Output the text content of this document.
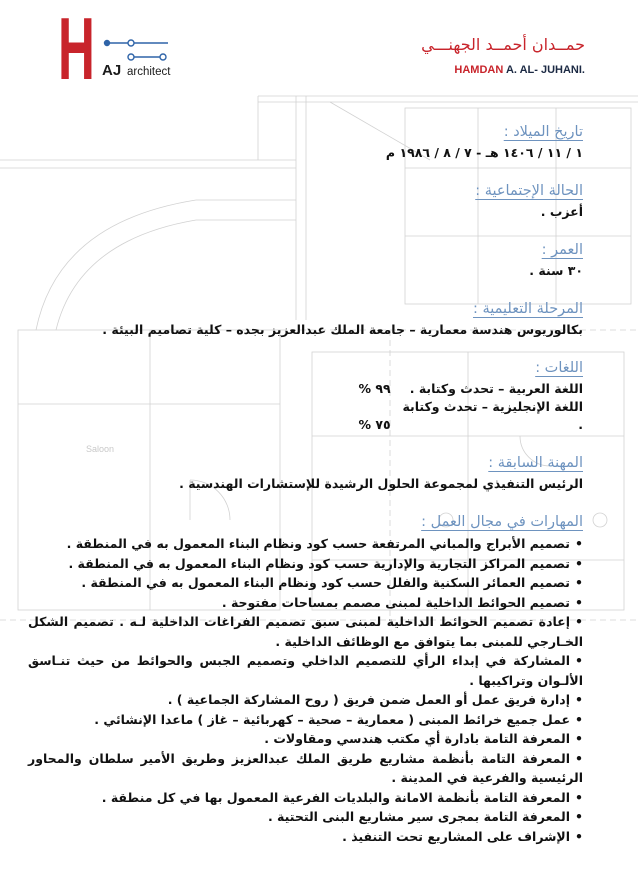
Saloon
H AJ architect
حمــدان أحمــد الجهنـــي
HAMDAN A. AL- JUHANI.
تاريخ الميلاد :

١ / ١١ / ١٤٠٦ هـ - ٧ / ٨ / ١٩٨٦ م

الحالة الإجتماعية :

أعزب .

العمر :

٣٠ سنة .

المرحلة التعليمية :

بكالوريوس هندسة معمارية – جامعة الملك عبدالعزيز بجده – كلية تصاميم البيئة .

اللغات :
اللغة العربية – تحدث وكتابة . ٩٩ %
اللغة الإنجليزية – تحدث وكتابة . ٧٥ %
المهنة السابقة :

الرئيس التنفيذي لمجموعة الحلول الرشيدة للإستشارات الهندسية .

المهارات في مجال العمل :

•تصميم الأبراج والمباني المرتفعة حسب كود ونظام البناء المعمول به في المنطقة .

•تصميم المراكز التجارية والإدارية حسب كود ونظام البناء المعمول به في المنطقة .

•تصميم العمائر السكنية والفلل حسب كود ونظام البناء المعمول به في المنطقة .

•تصميم الحوائط الداخلية لمبنى مصمم بمساحات مفتوحة .

•إعادة تصميم الحوائط الداخلية لمبنى سبق تصميم الفراغات الداخلية لـه . تصميم الشكل الخـارجي للمبنى بما يتوافق مع الوظائف الداخلية .

•المشاركة في إبداء الرأي للتصميم الداخلي وتصميم الجبس والحوائط من حيث تنـاسق الألـوان وتراكيبها .

•إدارة فريق عمل أو العمل ضمن فريق ( روح المشاركة الجماعية ) .

•عمل جميع خرائط المبنى ( معمارية – صحية – كهربائية – غاز ) ماعدا الإنشائي .

•المعرفة التامة بادارة أي مكتب هندسي ومقاولات .

•المعرفة التامة بأنظمة مشاريع طريق الملك عبدالعزيز وطريق الأمير سلطان والمحاور الرئيسية والفرعية في المدينة .

•المعرفة التامة بأنظمة الامانة والبلديات الفرعية المعمول بها في كل منطقة .

•المعرفة التامة بمجرى سير مشاريع البنى التحتية .

•الإشراف على المشاريع تحت التنفيذ .
